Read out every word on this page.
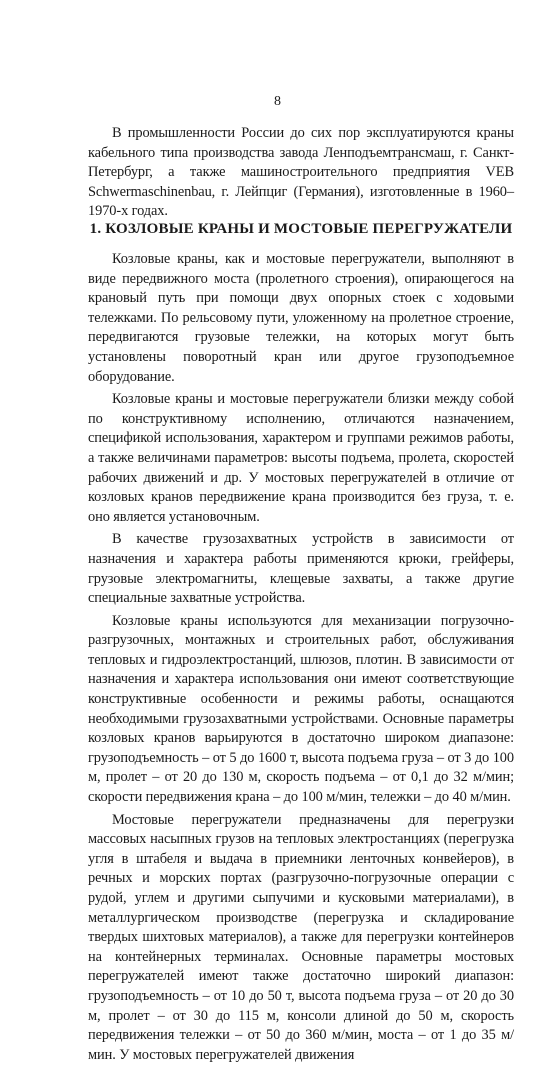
8

В промышленности России до сих пор эксплуатируются краны кабельного типа производства завода Ленподъемтрансмаш, г. Санкт-Петербург, а также машиностроительного предприятия VEB Schwermaschinenbau, г. Лейпциг (Германия), изготовленные в 1960–1970-х годах.

1. КОЗЛОВЫЕ КРАНЫ И МОСТОВЫЕ ПЕРЕГРУЖАТЕЛИ

Козловые краны, как и мостовые перегружатели, выполняют в виде передвижного моста (пролетного строения), опирающегося на крановый путь при помощи двух опорных стоек с ходовыми тележками. По рельсовому пути, уложенному на пролетное строение, передвигаются грузовые тележки, на которых могут быть установлены поворотный кран или другое грузоподъемное оборудование.

Козловые краны и мостовые перегружатели близки между собой по конструктивному исполнению, отличаются назначением, спецификой использования, характером и группами режимов работы, а также величинами параметров: высоты подъема, пролета, скоростей рабочих движений и др. У мостовых перегружателей в отличие от козловых кранов передвижение крана производится без груза, т. е. оно является установочным.

В качестве грузозахватных устройств в зависимости от назначения и характера работы применяются крюки, грейферы, грузовые электромагниты, клещевые захваты, а также другие специальные захватные устройства.

Козловые краны используются для механизации погрузочно-разгрузочных, монтажных и строительных работ, обслуживания тепловых и гидроэлектростанций, шлюзов, плотин. В зависимости от назначения и характера использования они имеют соответствующие конструктивные особенности и режимы работы, оснащаются необходимыми грузозахватными устройствами. Основные параметры козловых кранов варьируются в достаточно широком диапазоне: грузоподъемность – от 5 до 1600 т, высота подъема груза – от 3 до 100 м, пролет – от 20 до 130 м, скорость подъема – от 0,1 до 32 м/мин; скорости передвижения крана – до 100 м/мин, тележки – до 40 м/мин.

Мостовые перегружатели предназначены для перегрузки массовых насыпных грузов на тепловых электростанциях (перегрузка угля в штабеля и выдача в приемники ленточных конвейеров), в речных и морских портах (разгрузочно-погрузочные операции с рудой, углем и другими сыпучими и кусковыми материалами), в металлургическом производстве (перегрузка и складирование твердых шихтовых материалов), а также для перегрузки контейнеров на контейнерных терминалах. Основные параметры мостовых перегружателей имеют также достаточно широкий диапазон: грузоподъемность – от 10 до 50 т, высота подъема груза – от 20 до 30 м, пролет – от 30 до 115 м, консоли длиной до 50 м, скорость передвижения тележки – от 50 до 360 м/мин, моста – от 1 до 35 м/мин. У мостовых перегружателей движения
